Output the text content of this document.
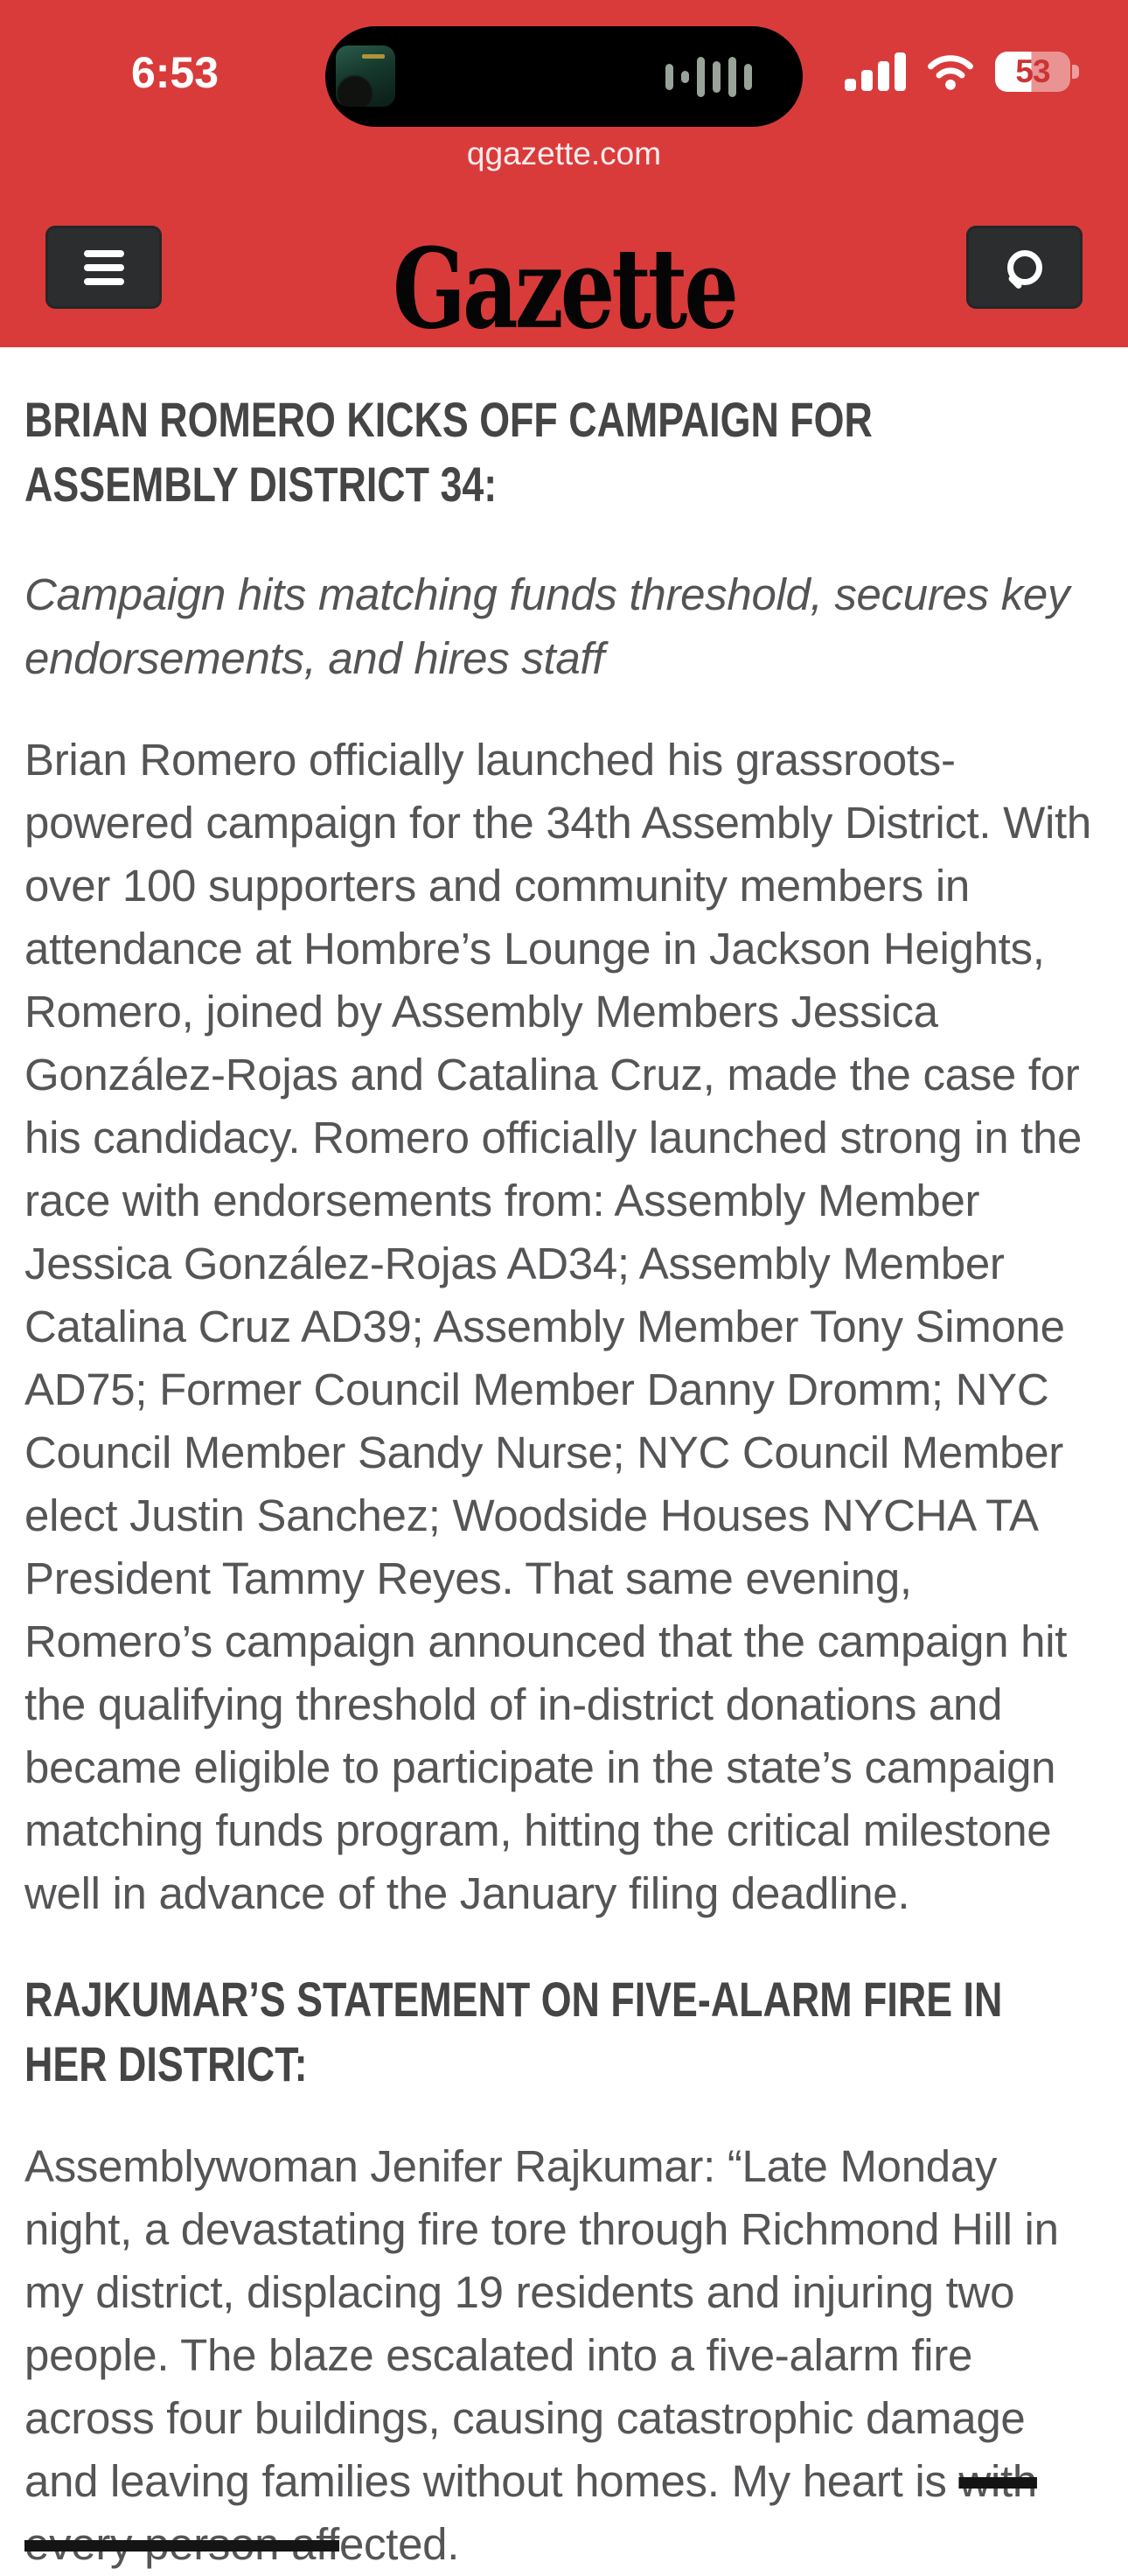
6:53	53
qgazette.com
Gazette
BRIAN ROMERO KICKS OFF CAMPAIGN FOR
ASSEMBLY DISTRICT 34:

Campaign hits matching funds threshold, secures key endorsements, and hires staff

Brian Romero officially launched his grassroots-powered campaign for the 34th Assembly District. With over 100 supporters and community members in attendance at Hombre’s Lounge in Jackson Heights, Romero, joined by Assembly Members Jessica González-Rojas and Catalina Cruz, made the case for his candidacy. Romero officially launched strong in the race with endorsements from: Assembly Member Jessica González-Rojas AD34; Assembly Member Catalina Cruz AD39; Assembly Member Tony Simone AD75; Former Council Member Danny Dromm; NYC Council Member Sandy Nurse; NYC Council Member elect Justin Sanchez; Woodside Houses NYCHA TA President Tammy Reyes. That same evening, Romero’s campaign announced that the campaign hit the qualifying threshold of in-district donations and became eligible to participate in the state’s campaign matching funds program, hitting the critical milestone well in advance of the January filing deadline.

RAJKUMAR’S STATEMENT ON FIVE-ALARM FIRE IN
HER DISTRICT:

Assemblywoman Jenifer Rajkumar: “Late Monday night, a devastating fire tore through Richmond Hill in my district, displacing 19 residents and injuring two people. The blaze escalated into a five-alarm fire across four buildings, causing catastrophic damage and leaving families without homes. My heart is with every person affected.
